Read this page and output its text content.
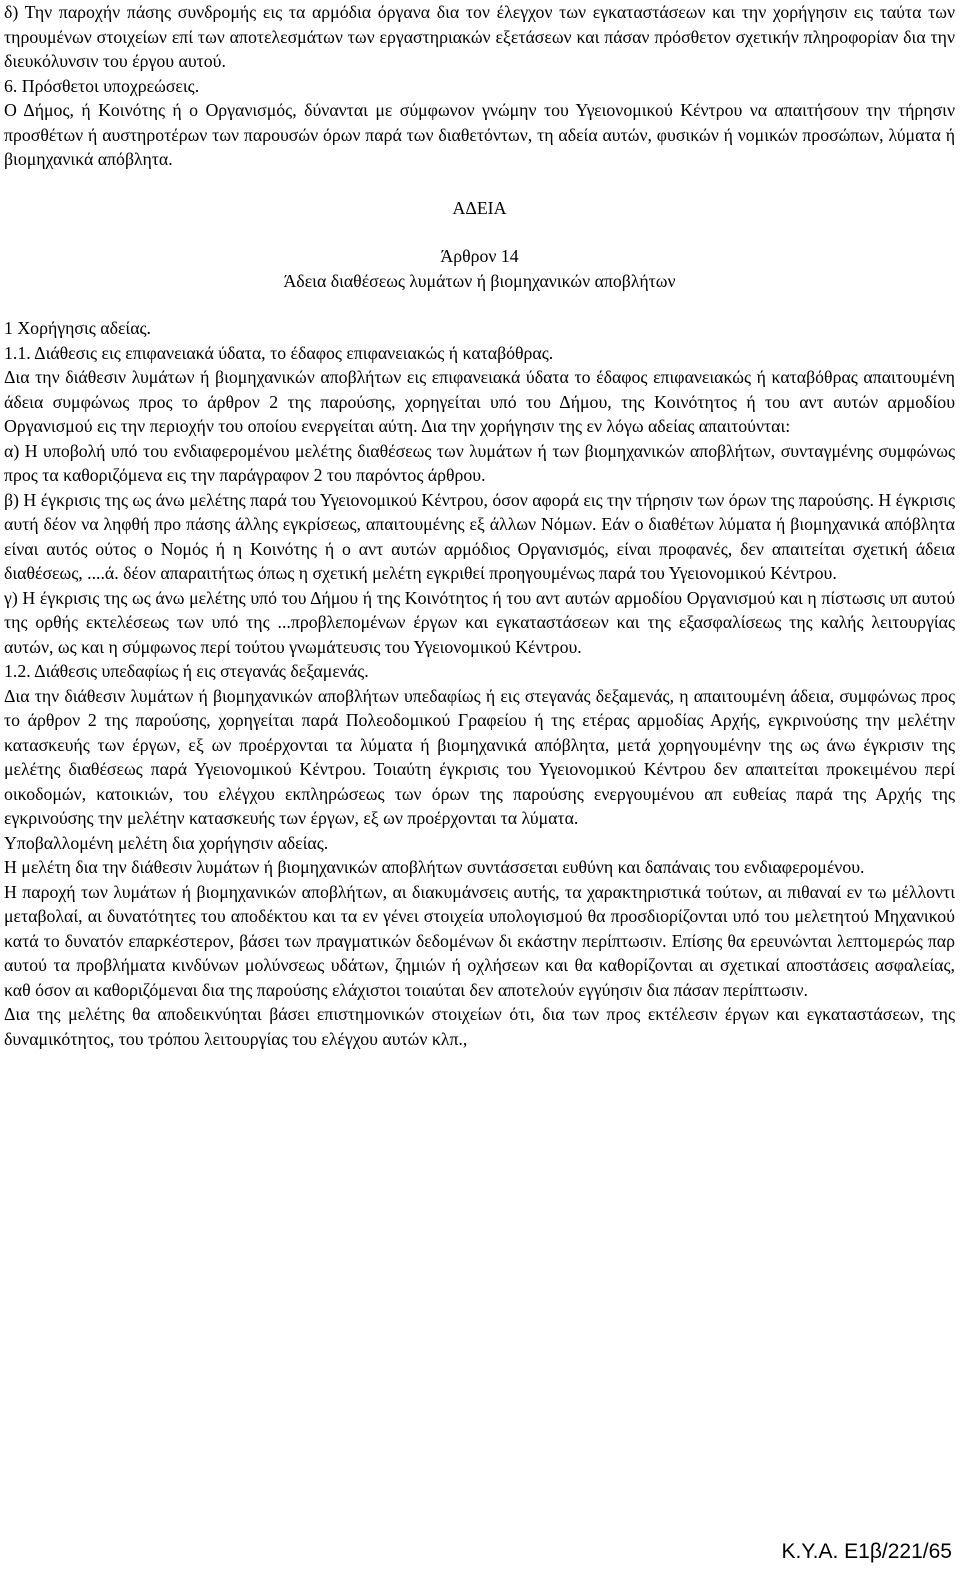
δ) Την παροχήν πάσης συνδρομής εις τα αρμόδια όργανα δια τον έλεγχον των εγκαταστάσεων και την χορήγησιν εις ταύτα των τηρουμένων στοιχείων επί των αποτελεσμάτων των εργαστηριακών εξετάσεων και πάσαν πρόσθετον σχετικήν πληροφορίαν δια την διευκόλυνσιν του έργου αυτού.

6. Πρόσθετοι υποχρεώσεις.

Ο Δήμος, ή Κοινότης ή ο Οργανισμός, δύνανται με σύμφωνον γνώμην του Υγειονομικού Κέντρου να απαιτήσουν την τήρησιν προσθέτων ή αυστηροτέρων των παρουσών όρων παρά των διαθετόντων, τη αδεία αυτών, φυσικών ή νομικών προσώπων, λύματα ή βιομηχανικά απόβλητα.

ΑΔΕΙΑ

Άρθρον 14

Άδεια διαθέσεως λυμάτων ή βιομηχανικών αποβλήτων

1 Χορήγησις αδείας.

1.1. Διάθεσις εις επιφανειακά ύδατα, το έδαφος επιφανειακώς ή καταβόθρας.

Δια την διάθεσιν λυμάτων ή βιομηχανικών αποβλήτων εις επιφανειακά ύδατα το έδαφος επιφανειακώς ή καταβόθρας απαιτουμένη άδεια συμφώνως προς το άρθρον 2 της παρούσης, χορηγείται υπό του Δήμου, της Κοινότητος ή του αντ αυτών αρμοδίου Οργανισμού εις την περιοχήν του οποίου ενεργείται αύτη. Δια την χορήγησιν της εν λόγω αδείας απαιτούνται:

α) Η υποβολή υπό του ενδιαφερομένου μελέτης διαθέσεως των λυμάτων ή των βιομηχανικών αποβλήτων, συνταγμένης συμφώνως προς τα καθοριζόμενα εις την παράγραφον 2 του παρόντος άρθρου.

β) Η έγκρισις της ως άνω μελέτης παρά του Υγειονομικού Κέντρου, όσον αφορά εις την τήρησιν των όρων της παρούσης. Η έγκρισις αυτή δέον να ληφθή προ πάσης άλλης εγκρίσεως, απαιτουμένης εξ άλλων Νόμων. Εάν ο διαθέτων λύματα ή βιομηχανικά απόβλητα είναι αυτός ούτος ο Νομός ή η Κοινότης ή ο αντ αυτών αρμόδιος Οργανισμός, είναι προφανές, δεν απαιτείται σχετική άδεια διαθέσεως, ....ά. δέον απαραιτήτως όπως η σχετική μελέτη εγκριθεί προηγουμένως παρά του Υγειονομικού Κέντρου.

γ) Η έγκρισις της ως άνω μελέτης υπό του Δήμου ή της Κοινότητος ή του αντ αυτών αρμοδίου Οργανισμού και η πίστωσις υπ αυτού της ορθής εκτελέσεως των υπό της ...προβλεπομένων έργων και εγκαταστάσεων και της εξασφαλίσεως της καλής λειτουργίας αυτών, ως και η σύμφωνος περί τούτου γνωμάτευσις του Υγειονομικού Κέντρου.

1.2. Διάθεσις υπεδαφίως ή εις στεγανάς δεξαμενάς.

Δια την διάθεσιν λυμάτων ή βιομηχανικών αποβλήτων υπεδαφίως ή εις στεγανάς δεξαμενάς, η απαιτουμένη άδεια, συμφώνως προς το άρθρον 2 της παρούσης, χορηγείται παρά Πολεοδομικού Γραφείου ή της ετέρας αρμοδίας Αρχής, εγκρινούσης την μελέτην κατασκευής των έργων, εξ ων προέρχονται τα λύματα ή βιομηχανικά απόβλητα, μετά χορηγουμένην της ως άνω έγκρισιν της μελέτης διαθέσεως παρά Υγειονομικού Κέντρου. Τοιαύτη έγκρισις του Υγειονομικού Κέντρου δεν απαιτείται προκειμένου περί οικοδομών, κατοικιών, του ελέγχου εκπληρώσεως των όρων της παρούσης ενεργουμένου απ ευθείας παρά της Αρχής της εγκρινούσης την μελέτην κατασκευής των έργων, εξ ων προέρχονται τα λύματα.

Υποβαλλομένη μελέτη δια χορήγησιν αδείας.

Η μελέτη δια την διάθεσιν λυμάτων ή βιομηχανικών αποβλήτων συντάσσεται ευθύνη και δαπάναις του ενδιαφερομένου.

Η παροχή των λυμάτων ή βιομηχανικών αποβλήτων, αι διακυμάνσεις αυτής, τα χαρακτηριστικά τούτων, αι πιθαναί εν τω μέλλοντι μεταβολαί, αι δυνατότητες του αποδέκτου και τα εν γένει στοιχεία υπολογισμού θα προσδιορίζονται υπό του μελετητού Μηχανικού κατά το δυνατόν επαρκέστερον, βάσει των πραγματικών δεδομένων δι εκάστην περίπτωσιν. Επίσης θα ερευνώνται λεπτομερώς παρ αυτού τα προβλήματα κινδύνων μολύνσεως υδάτων, ζημιών ή οχλήσεων και θα καθορίζονται αι σχετικαί αποστάσεις ασφαλείας, καθ όσον αι καθοριζόμεναι δια της παρούσης ελάχιστοι τοιαύται δεν αποτελούν εγγύησιν δια πάσαν περίπτωσιν.

Δια της μελέτης θα αποδεικνύηται βάσει επιστημονικών στοιχείων ότι, δια των προς εκτέλεσιν έργων και εγκαταστάσεων, της δυναμικότητος, του τρόπου λειτουργίας του ελέγχου αυτών κλπ.,

Κ.Υ.Α. Ε1β/221/65
